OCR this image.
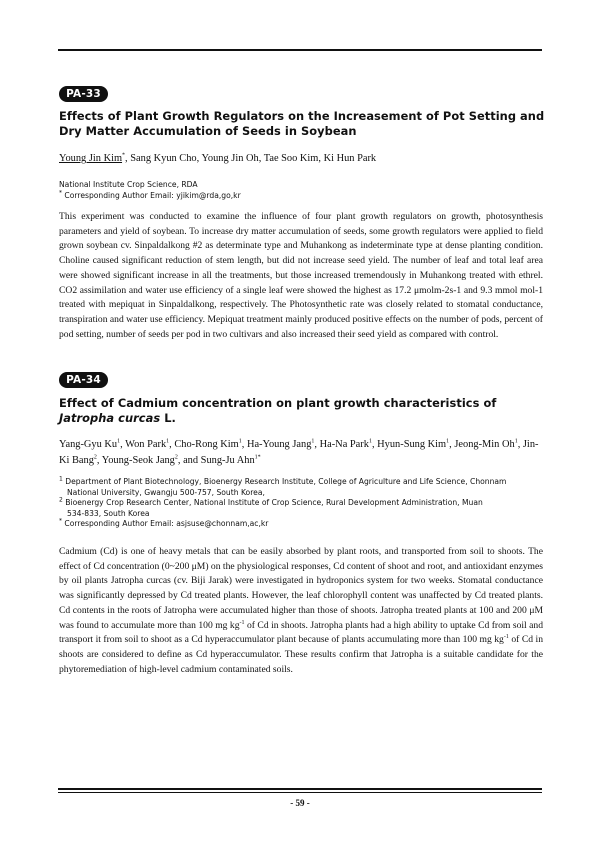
PA-33
Effects of Plant Growth Regulators on the Increasement of Pot Setting and Dry Matter Accumulation of Seeds in Soybean
Young Jin Kim*, Sang Kyun Cho, Young Jin Oh, Tae Soo Kim, Ki Hun Park
National Institute Crop Science, RDA
* Corresponding Author Email: yjikim@rda,go,kr

This experiment was conducted to examine the influence of four plant growth regulators on growth, photosynthesis parameters and yield of soybean. To increase dry matter accumulation of seeds, some growth regulators were applied to field grown soybean cv. Sinpaldalkong #2 as determinate type and Muhankong as indeterminate type at dense planting condition. Choline caused significant reduction of stem length, but did not increase seed yield. The number of leaf and total leaf area were showed significant increase in all the treatments, but those increased tremendously in Muhankong treated with ethrel. CO2 assimilation and water use efficiency of a single leaf were showed the highest as 17.2 μmolm-2s-1 and 9.3 mmol mol-1 treated with mepiquat in Sinpaldalkong, respectively. The Photosynthetic rate was closely related to stomatal conductance, transpiration and water use efficiency. Mepiquat treatment mainly produced positive effects on the number of pods, percent of pod setting, number of seeds per pod in two cultivars and also increased their seed yield as compared with control.

PA-34
Effect of Cadmium concentration on plant growth characteristics of Jatropha curcas L.
Yang-Gyu Ku$^1$, Won Park$^1$, Cho-Rong Kim$^1$, Ha-Young Jang$^1$, Ha-Na Park$^1$, Hyun-Sung Kim$^1$, Jeong-Min Oh$^1$, Jin-Ki Bang$^2$, Young-Seok Jang$^2$, and Sung-Ju Ahn$^{1*}$
$^1$ Department of Plant Biotechnology, Bioenergy Research Institute, College of Agriculture and Life Science, Chonnam
National University, Gwangju 500-757, South Korea,
$^2$ Bioenergy Crop Research Center, National Institute of Crop Science, Rural Development Administration, Muan
534-833, South Korea
* Corresponding Author Email: asjsuse@chonnam,ac,kr

Cadmium (Cd) is one of heavy metals that can be easily absorbed by plant roots, and transported from soil to shoots. The effect of Cd concentration (0~200 μM) on the physiological responses, Cd content of shoot and root, and antioxidant enzymes by oil plants Jatropha curcas (cv. Biji Jarak) were investigated in hydroponics system for two weeks. Stomatal conductance was significantly depressed by Cd treated plants. However, the leaf chlorophyll content was unaffected by Cd treated plants. Cd contents in the roots of Jatropha were accumulated higher than those of shoots. Jatropha treated plants at 100 and 200 μM was found to accumulate more than 100 mg $kg^{-1}$ of Cd in shoots. Jatropha plants had a high ability to uptake Cd from soil and transport it from soil to shoot as a Cd hyperaccumulator plant because of plants accumulating more than 100 mg $kg^{-1}$ of Cd in shoots are considered to define as Cd hyperaccumulator. These results confirm that Jatropha is a suitable candidate for the phytoremediation of high-level cadmium contaminated soils.

- 59 -
